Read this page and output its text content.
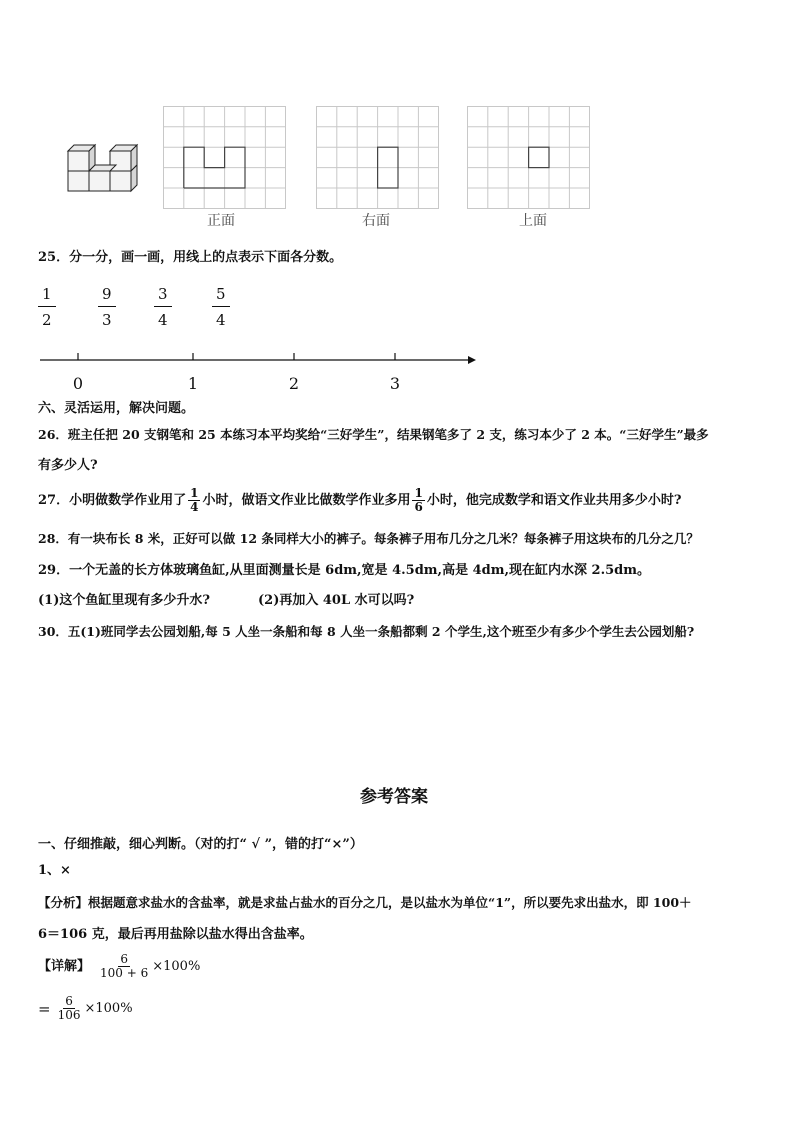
正面	右面	上面
25．分一分，画一画，用线上的点表示下面各分数。
$\frac{1}{2}$	$\frac{9}{3}$	$\frac{3}{4}$	$\frac{5}{4}$
0	1	2	3
六、灵活运用，解决问题。
26．班主任把 20 支钢笔和 25 本练习本平均奖给“三好学生”，结果钢笔多了 2 支，练习本少了 2 本。“三好学生”最多
有多少人?
27．小明做数学作业用了 $\frac{1}{4}$ 小时，做语文作业比做数学作业多用 $\frac{1}{6}$ 小时，他完成数学和语文作业共用多少小时?
28．有一块布长 8 米，正好可以做 12 条同样大小的裤子。每条裤子用布几分之几米？每条裤子用这块布的几分之几？
29．一个无盖的长方体玻璃鱼缸,从里面测量长是 6dm,宽是 4.5dm,高是 4dm,现在缸内水深 2.5dm。
(1)这个鱼缸里现有多少升水?	(2)再加入 40L 水可以吗?
30．五(1)班同学去公园划船,每 5 人坐一条船和每 8 人坐一条船都剩 2 个学生,这个班至少有多少个学生去公园划船?
参考答案
一、仔细推敲，细心判断。（对的打“ √ ”，错的打“×”）
1、×
【分析】根据题意求盐水的含盐率，就是求盐占盐水的百分之几，是以盐水为单位“1”，所以要先求出盐水，即 100＋
6＝106 克，最后再用盐除以盐水得出含盐率。
【详解】 $\frac{6}{100 + 6} \times 100\%$
= $\frac{6}{106} \times 100\%$
